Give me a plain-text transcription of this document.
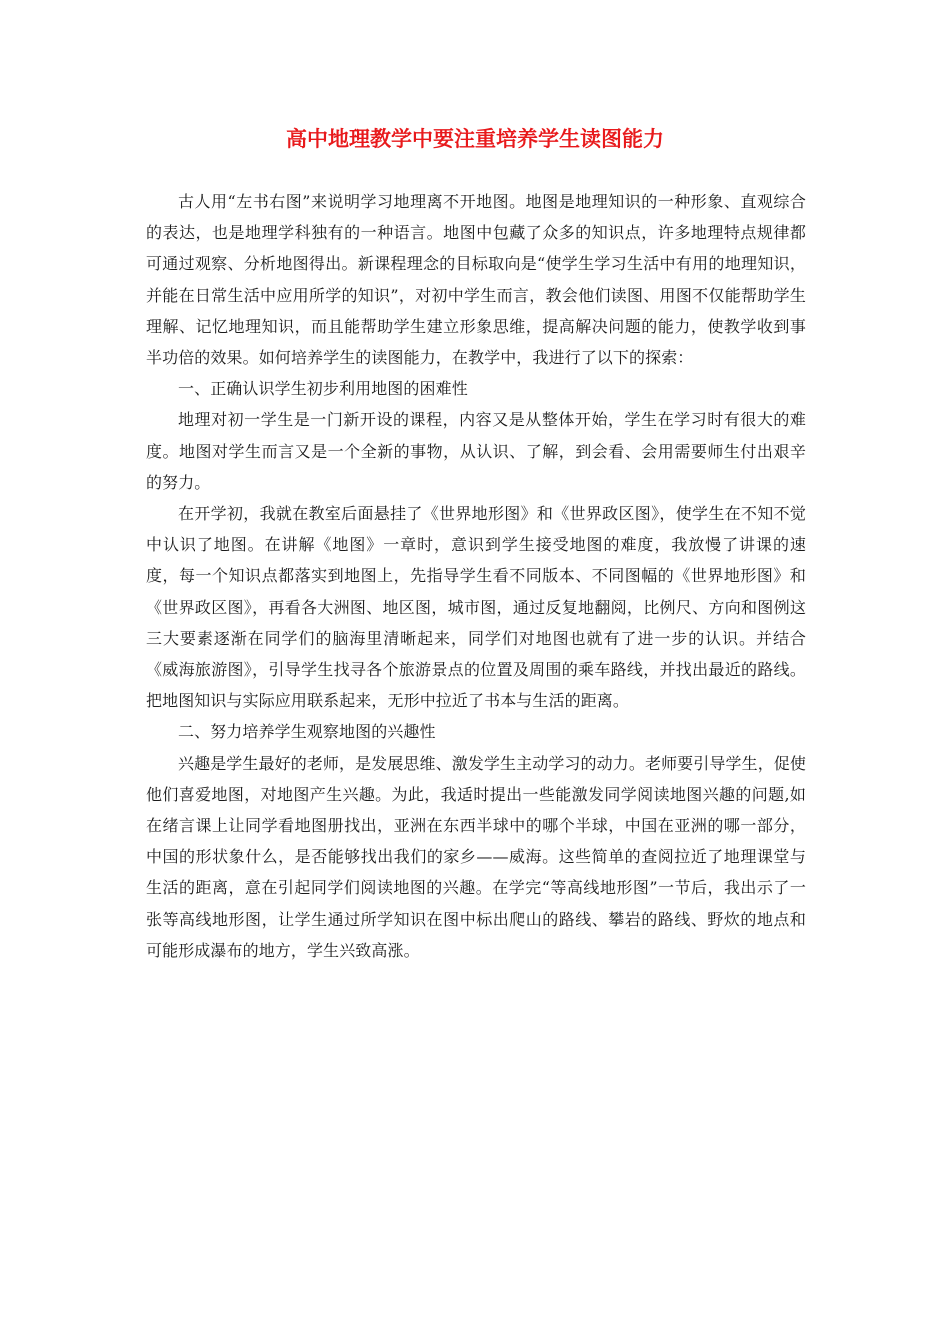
高中地理教学中要注重培养学生读图能力

古人用“左书右图”来说明学习地理离不开地图。地图是地理知识的一种形象、直观综合的表达，也是地理学科独有的一种语言。地图中包藏了众多的知识点，许多地理特点规律都可通过观察、分析地图得出。新课程理念的目标取向是“使学生学习生活中有用的地理知识，并能在日常生活中应用所学的知识”，对初中学生而言，教会他们读图、用图不仅能帮助学生理解、记忆地理知识，而且能帮助学生建立形象思维，提高解决问题的能力，使教学收到事半功倍的效果。如何培养学生的读图能力，在教学中，我进行了以下的探索：

一、正确认识学生初步利用地图的困难性

地理对初一学生是一门新开设的课程，内容又是从整体开始，学生在学习时有很大的难度。地图对学生而言又是一个全新的事物，从认识、了解，到会看、会用需要师生付出艰辛的努力。

在开学初，我就在教室后面悬挂了《世界地形图》和《世界政区图》，使学生在不知不觉中认识了地图。在讲解《地图》一章时，意识到学生接受地图的难度，我放慢了讲课的速度，每一个知识点都落实到地图上，先指导学生看不同版本、不同图幅的《世界地形图》和《世界政区图》，再看各大洲图、地区图，城市图，通过反复地翻阅，比例尺、方向和图例这三大要素逐渐在同学们的脑海里清晰起来，同学们对地图也就有了进一步的认识。并结合《威海旅游图》，引导学生找寻各个旅游景点的位置及周围的乘车路线，并找出最近的路线。把地图知识与实际应用联系起来，无形中拉近了书本与生活的距离。

二、努力培养学生观察地图的兴趣性

兴趣是学生最好的老师，是发展思维、激发学生主动学习的动力。老师要引导学生，促使他们喜爱地图，对地图产生兴趣。为此，我适时提出一些能激发同学阅读地图兴趣的问题,如在绪言课上让同学看地图册找出，亚洲在东西半球中的哪个半球，中国在亚洲的哪一部分，中国的形状象什么，是否能够找出我们的家乡——威海。这些简单的查阅拉近了地理课堂与生活的距离，意在引起同学们阅读地图的兴趣。在学完“等高线地形图”一节后，我出示了一张等高线地形图，让学生通过所学知识在图中标出爬山的路线、攀岩的路线、野炊的地点和可能形成瀑布的地方，学生兴致高涨。
